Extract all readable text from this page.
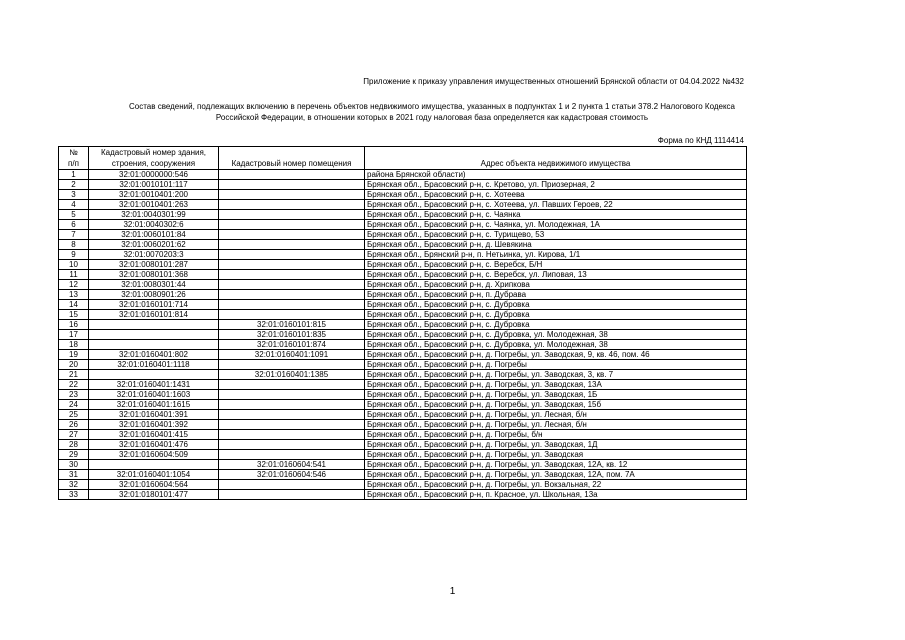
Приложение к приказу управления имущественных отношений Брянской области от 04.04.2022 №432
Состав сведений, подлежащих включению в перечень объектов недвижимого имущества, указанных в подпунктах 1 и 2 пункта 1 статьи 378.2 Налогового Кодекса
Российской Федерации, в отношении которых в 2021 году налоговая база определяется как кадастровая стоимость
Форма по КНД 1114414
№	Кадастровый номер здания,		
п/п	строения, сооружения	Кадастровый номер помещения	Адрес объекта недвижимого имущества
1	32:01:0000000:546		района Брянской области)
2	32:01:0010101:117		Брянская обл., Брасовский р-н, с. Кретово, ул. Приозерная, 2
3	32:01:0010401:200		Брянская обл., Брасовский р-н, с. Хотеева
4	32:01:0010401:263		Брянская обл., Брасовский р-н, с. Хотеева, ул. Павших Героев, 22
5	32:01:0040301:99		Брянская обл., Брасовский р-н, с. Чаянка
6	32:01:0040302:6		Брянская обл., Брасовский р-н, с. Чаянка, ул. Молодежная, 1А
7	32:01:0060101:84		Брянская обл., Брасовский р-н, с. Турищево, 53
8	32:01:0060201:62		Брянская обл., Брасовский р-н, д. Шевякина
9	32:01:0070203:3		Брянская обл., Брянский р-н, п. Нетьинка, ул. Кирова, 1/1
10	32:01:0080101:287		Брянская обл., Брасовский р-н, с. Веребск, Б/Н
11	32:01:0080101:368		Брянская обл., Брасовский р-н, с. Веребск, ул. Липовая, 13
12	32:01:0080301:44		Брянская обл., Брасовский р-н, д. Хрипкова
13	32:01:0080901:26		Брянская обл., Брасовский р-н, п. Дубрава
14	32:01:0160101:714		Брянская обл., Брасовский р-н, с. Дубровка
15	32:01:0160101:814		Брянская обл., Брасовский р-н, с. Дубровка
16		32:01:0160101:815	Брянская обл., Брасовский р-н, с. Дубровка
17		32:01:0160101:835	Брянская обл., Брасовский р-н, с. Дубровка, ул. Молодежная, 38
18		32:01:0160101:874	Брянская обл., Брасовский р-н, с. Дубровка, ул. Молодежная, 38
19	32:01:0160401:802	32:01:0160401:1091	Брянская обл., Брасовский р-н, д. Погребы, ул. Заводская, 9, кв. 46, пом. 46
20	32:01:0160401:1118		Брянская обл., Брасовский р-н, д. Погребы
21		32:01:0160401:1385	Брянская обл., Брасовский р-н, д. Погребы, ул. Заводская, 3, кв. 7
22	32:01:0160401:1431		Брянская обл., Брасовский р-н, д. Погребы, ул. Заводская, 13А
23	32:01:0160401:1603		Брянская обл., Брасовский р-н, д. Погребы, ул. Заводская, 1Б
24	32:01:0160401:1615		Брянская обл., Брасовский р-н, д. Погребы, ул. Заводская, 15б
25	32:01:0160401:391		Брянская обл., Брасовский р-н, д. Погребы, ул. Лесная, б/н
26	32:01:0160401:392		Брянская обл., Брасовский р-н, д. Погребы, ул. Лесная, б/н
27	32:01:0160401:415		Брянская обл., Брасовский р-н, д. Погребы, б/н
28	32:01:0160401:476		Брянская обл., Брасовский р-н, д. Погребы, ул. Заводская, 1Д
29	32:01:0160604:509		Брянская обл., Брасовский р-н, д. Погребы, ул. Заводская
30		32:01:0160604:541	Брянская обл., Брасовский р-н, д. Погребы, ул. Заводская, 12А, кв. 12
31	32:01:0160401:1054	32:01:0160604:546	Брянская обл., Брасовский р-н, д. Погребы, ул. Заводская, 12А, пом. 7А
32	32:01:0160604:564		Брянская обл., Брасовский р-н, д. Погребы, ул. Вокзальная, 22
33	32:01:0180101:477		Брянская обл., Брасовский р-н, п. Красное, ул. Школьная, 13а
1
